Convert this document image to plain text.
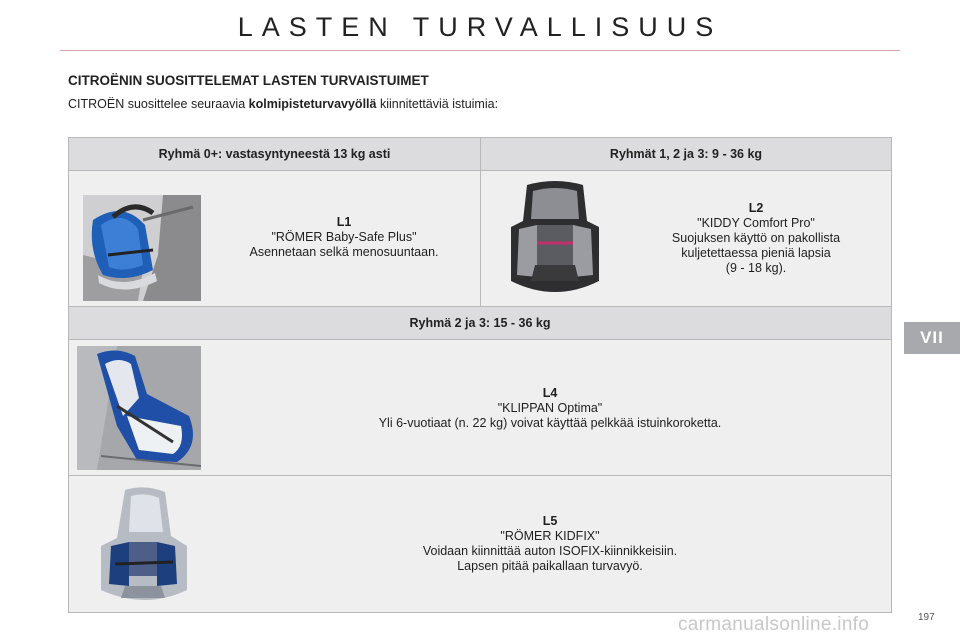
LASTEN TURVALLISUUS
CITROËNIN SUOSITTELEMAT LASTEN TURVAISTUIMET
CITROËN suosittelee seuraavia kolmipisteturvavyöllä kiinnitettäviä istuimia:
VII
Ryhmä 0+: vastasyntyneestä 13 kg asti	Ryhmät 1, 2 ja 3: 9 - 36 kg
L1
"RÖMER Baby-Safe Plus"
Asennetaan selkä menosuuntaan.
L2
"KIDDY Comfort Pro"
Suojuksen käyttö on pakollista
kuljetettaessa pieniä lapsia
(9 - 18 kg).
Ryhmä 2 ja 3: 15 - 36 kg
L4
"KLIPPAN Optima"
Yli 6-vuotiaat (n. 22 kg) voivat käyttää pelkkää istuinkoroketta.
L5
"RÖMER KIDFIX"
Voidaan kiinnittää auton ISOFIX-kiinnikkeisiin.
Lapsen pitää paikallaan turvavyö.
carmanualsonline.info	197
